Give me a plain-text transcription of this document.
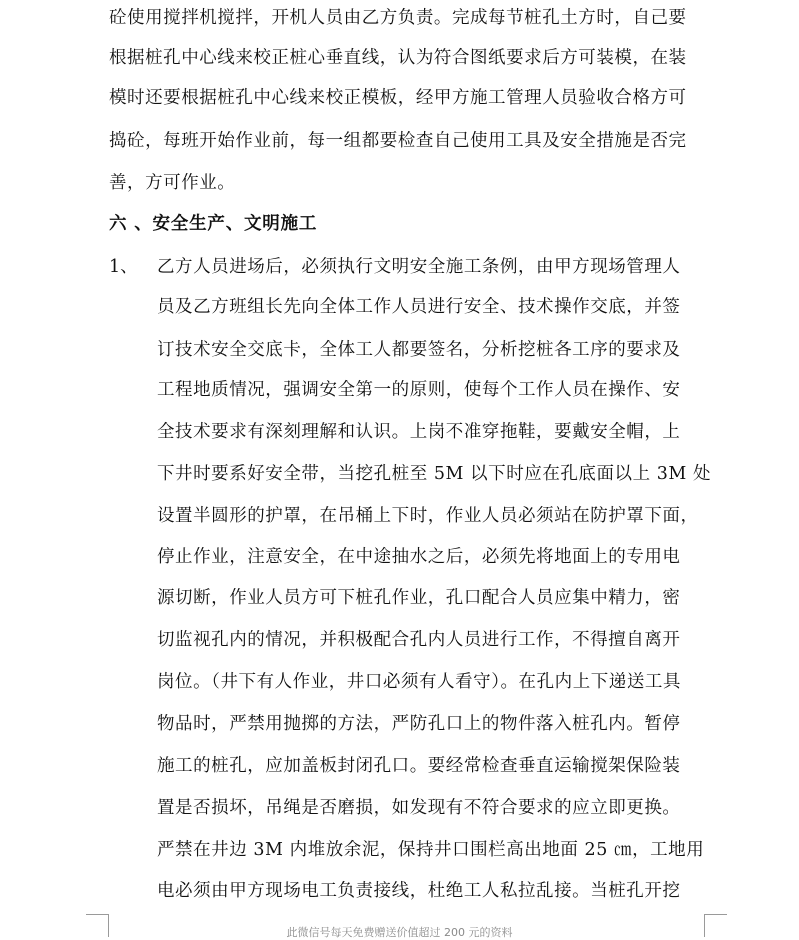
砼使用搅拌机搅拌，开机人员由乙方负责。完成每节桩孔土方时，自己要
根据桩孔中心线来校正桩心垂直线，认为符合图纸要求后方可装模，在装
模时还要根据桩孔中心线来校正模板，经甲方施工管理人员验收合格方可
捣砼，每班开始作业前，每一组都要检查自己使用工具及安全措施是否完
善，方可作业。
六 、安全生产、文明施工
1、 乙方人员进场后，必须执行文明安全施工条例，由甲方现场管理人
员及乙方班组长先向全体工作人员进行安全、技术操作交底，并签
订技术安全交底卡，全体工人都要签名，分析挖桩各工序的要求及
工程地质情况，强调安全第一的原则，使每个工作人员在操作、安
全技术要求有深刻理解和认识。上岗不准穿拖鞋，要戴安全帽，上
下井时要系好安全带，当挖孔桩至 5M 以下时应在孔底面以上 3M 处
设置半圆形的护罩，在吊桶上下时，作业人员必须站在防护罩下面，
停止作业，注意安全，在中途抽水之后，必须先将地面上的专用电
源切断，作业人员方可下桩孔作业，孔口配合人员应集中精力，密
切监视孔内的情况，并积极配合孔内人员进行工作，不得擅自离开
岗位。（井下有人作业，井口必须有人看守）。在孔内上下递送工具
物品时，严禁用抛掷的方法，严防孔口上的物件落入桩孔内。暂停
施工的桩孔，应加盖板封闭孔口。要经常检查垂直运输搅架保险装
置是否损坏，吊绳是否磨损，如发现有不符合要求的应立即更换。
严禁在井边 3M 内堆放余泥，保持井口围栏高出地面 25 ㎝，工地用
电必须由甲方现场电工负责接线，杜绝工人私拉乱接。当桩孔开挖
此微信号每天免费赠送价值超过 200 元的资料
